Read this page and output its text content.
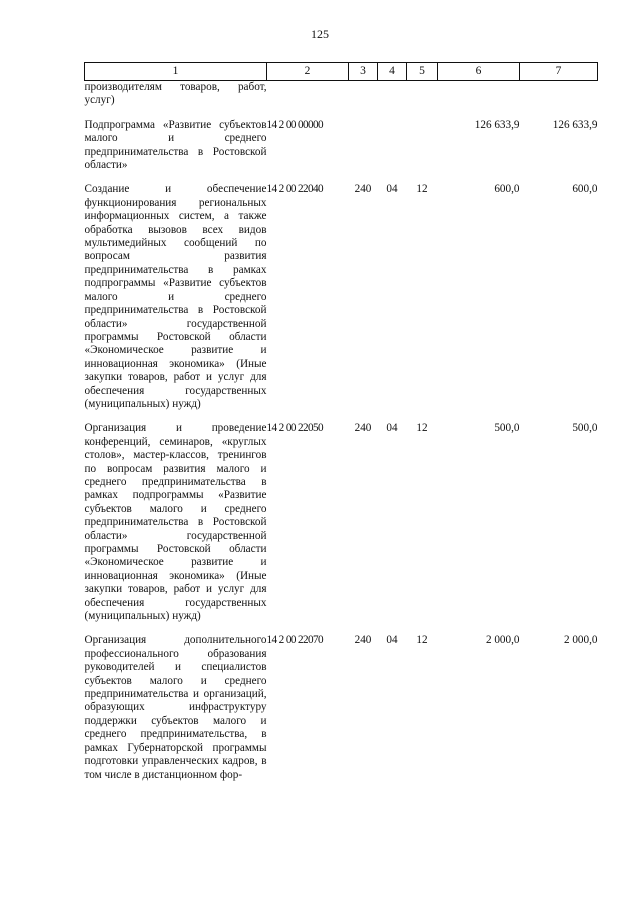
125
1	2	3	4	5	6	7
производителям товаров, работ, услуг)						
Подпрограмма «Развитие субъектов малого и среднего предпринимательства в Ростовской области»	14 2 00 00000				126 633,9	126 633,9
Создание и обеспечение функционирования региональных информационных систем, а также обработка вызовов всех видов мультимедийных сообщений по вопросам развития предпринимательства в рамках подпрограммы «Развитие субъектов малого и среднего предпринимательства в Ростовской области» государственной программы Ростовской области «Экономическое развитие и инновационная экономика» (Иные закупки товаров, работ и услуг для обеспечения государственных (муниципальных) нужд)	14 2 00 22040	240	04	12	600,0	600,0
Организация и проведение конференций, семинаров, «круглых столов», мастер-классов, тренингов по вопросам развития малого и среднего предпринимательства в рамках подпрограммы «Развитие субъектов малого и среднего предпринимательства в Ростовской области» государственной программы Ростовской области «Экономическое развитие и инновационная экономика» (Иные закупки товаров, работ и услуг для обеспечения государственных (муниципальных) нужд)	14 2 00 22050	240	04	12	500,0	500,0
Организация дополнительного профессионального образования руководителей и специалистов субъектов малого и среднего предпринимательства и организаций, образующих инфраструктуру поддержки субъектов малого и среднего предпринимательства, в рамках Губернаторской программы подготовки управленческих кадров, в том числе в дистанционном фор-	14 2 00 22070	240	04	12	2 000,0	2 000,0
